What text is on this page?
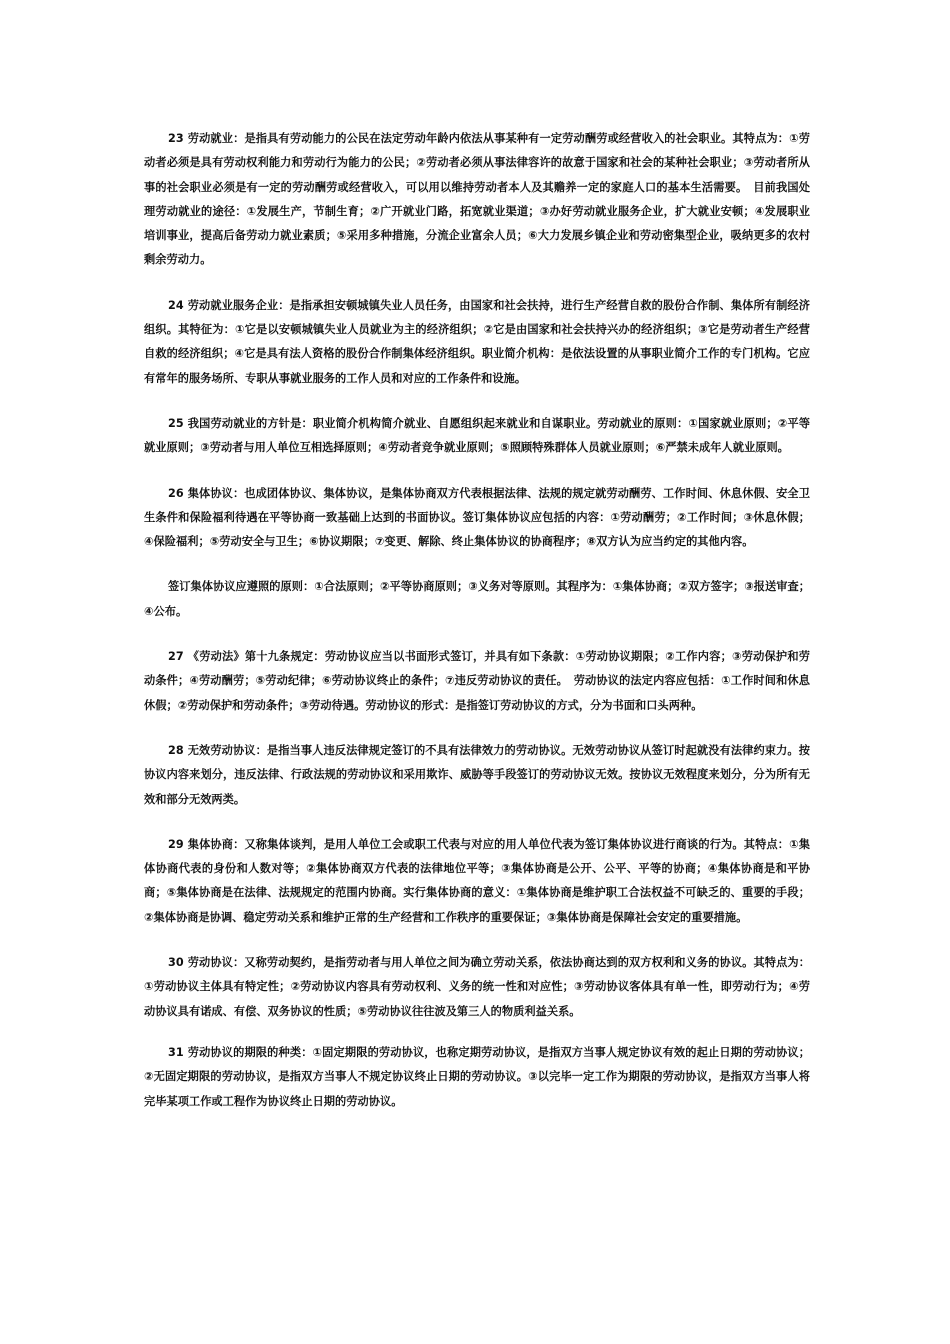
23 劳动就业：是指具有劳动能力的公民在法定劳动年龄内依法从事某种有一定劳动酬劳或经营收入的社会职业。其特点为：①劳动者必须是具有劳动权利能力和劳动行为能力的公民；②劳动者必须从事法律容许的故意于国家和社会的某种社会职业；③劳动者所从事的社会职业必须是有一定的劳动酬劳或经营收入，可以用以维持劳动者本人及其赡养一定的家庭人口的基本生活需要。　目前我国处理劳动就业的途径：①发展生产，节制生育；②广开就业门路，拓宽就业渠道；③办好劳动就业服务企业，扩大就业安顿；④发展职业培训事业，提高后备劳动力就业素质；⑤采用多种措施，分流企业富余人员；⑥大力发展乡镇企业和劳动密集型企业，吸纳更多的农村剩余劳动力。

24 劳动就业服务企业：是指承担安顿城镇失业人员任务，由国家和社会扶持，进行生产经营自救的股份合作制、集体所有制经济组织。其特征为：①它是以安顿城镇失业人员就业为主的经济组织；②它是由国家和社会扶持兴办的经济组织；③它是劳动者生产经营自救的经济组织；④它是具有法人资格的股份合作制集体经济组织。职业简介机构：是依法设置的从事职业简介工作的专门机构。它应有常年的服务场所、专职从事就业服务的工作人员和对应的工作条件和设施。

25 我国劳动就业的方针是：职业简介机构简介就业、自愿组织起来就业和自谋职业。劳动就业的原则：①国家就业原则；②平等就业原则；③劳动者与用人单位互相选择原则；④劳动者竞争就业原则；⑤照顾特殊群体人员就业原则；⑥严禁未成年人就业原则。

26 集体协议：也成团体协议、集体协议，是集体协商双方代表根据法律、法规的规定就劳动酬劳、工作时间、休息休假、安全卫生条件和保险福利待遇在平等协商一致基础上达到的书面协议。签订集体协议应包括的内容：①劳动酬劳；②工作时间；③休息休假；④保险福利；⑤劳动安全与卫生；⑥协议期限；⑦变更、解除、终止集体协议的协商程序；⑧双方认为应当约定的其他内容。

签订集体协议应遵照的原则：①合法原则；②平等协商原则；③义务对等原则。其程序为：①集体协商；②双方签字；③报送审查；④公布。

27 《劳动法》第十九条规定：劳动协议应当以书面形式签订，并具有如下条款：①劳动协议期限；②工作内容；③劳动保护和劳动条件；④劳动酬劳；⑤劳动纪律；⑥劳动协议终止的条件；⑦违反劳动协议的责任。　劳动协议的法定内容应包括：①工作时间和休息休假；②劳动保护和劳动条件；③劳动待遇。劳动协议的形式：是指签订劳动协议的方式，分为书面和口头两种。

28 无效劳动协议：是指当事人违反法律规定签订的不具有法律效力的劳动协议。无效劳动协议从签订时起就没有法律约束力。按协议内容来划分，违反法律、行政法规的劳动协议和采用欺诈、威胁等手段签订的劳动协议无效。按协议无效程度来划分，分为所有无效和部分无效两类。

29 集体协商：又称集体谈判，是用人单位工会或职工代表与对应的用人单位代表为签订集体协议进行商谈的行为。其特点：①集体协商代表的身份和人数对等；②集体协商双方代表的法律地位平等；③集体协商是公开、公平、平等的协商；④集体协商是和平协商；⑤集体协商是在法律、法规规定的范围内协商。实行集体协商的意义：①集体协商是维护职工合法权益不可缺乏的、重要的手段；②集体协商是协调、稳定劳动关系和维护正常的生产经营和工作秩序的重要保证；③集体协商是保障社会安定的重要措施。

30 劳动协议：又称劳动契约，是指劳动者与用人单位之间为确立劳动关系，依法协商达到的双方权利和义务的协议。其特点为：①劳动协议主体具有特定性；②劳动协议内容具有劳动权利、义务的统一性和对应性；③劳动协议客体具有单一性，即劳动行为；④劳动协议具有诺成、有偿、双务协议的性质；⑤劳动协议往往波及第三人的物质利益关系。

31 劳动协议的期限的种类：①固定期限的劳动协议，也称定期劳动协议，是指双方当事人规定协议有效的起止日期的劳动协议；②无固定期限的劳动协议，是指双方当事人不规定协议终止日期的劳动协议。③以完毕一定工作为期限的劳动协议，是指双方当事人将完毕某项工作或工程作为协议终止日期的劳动协议。
